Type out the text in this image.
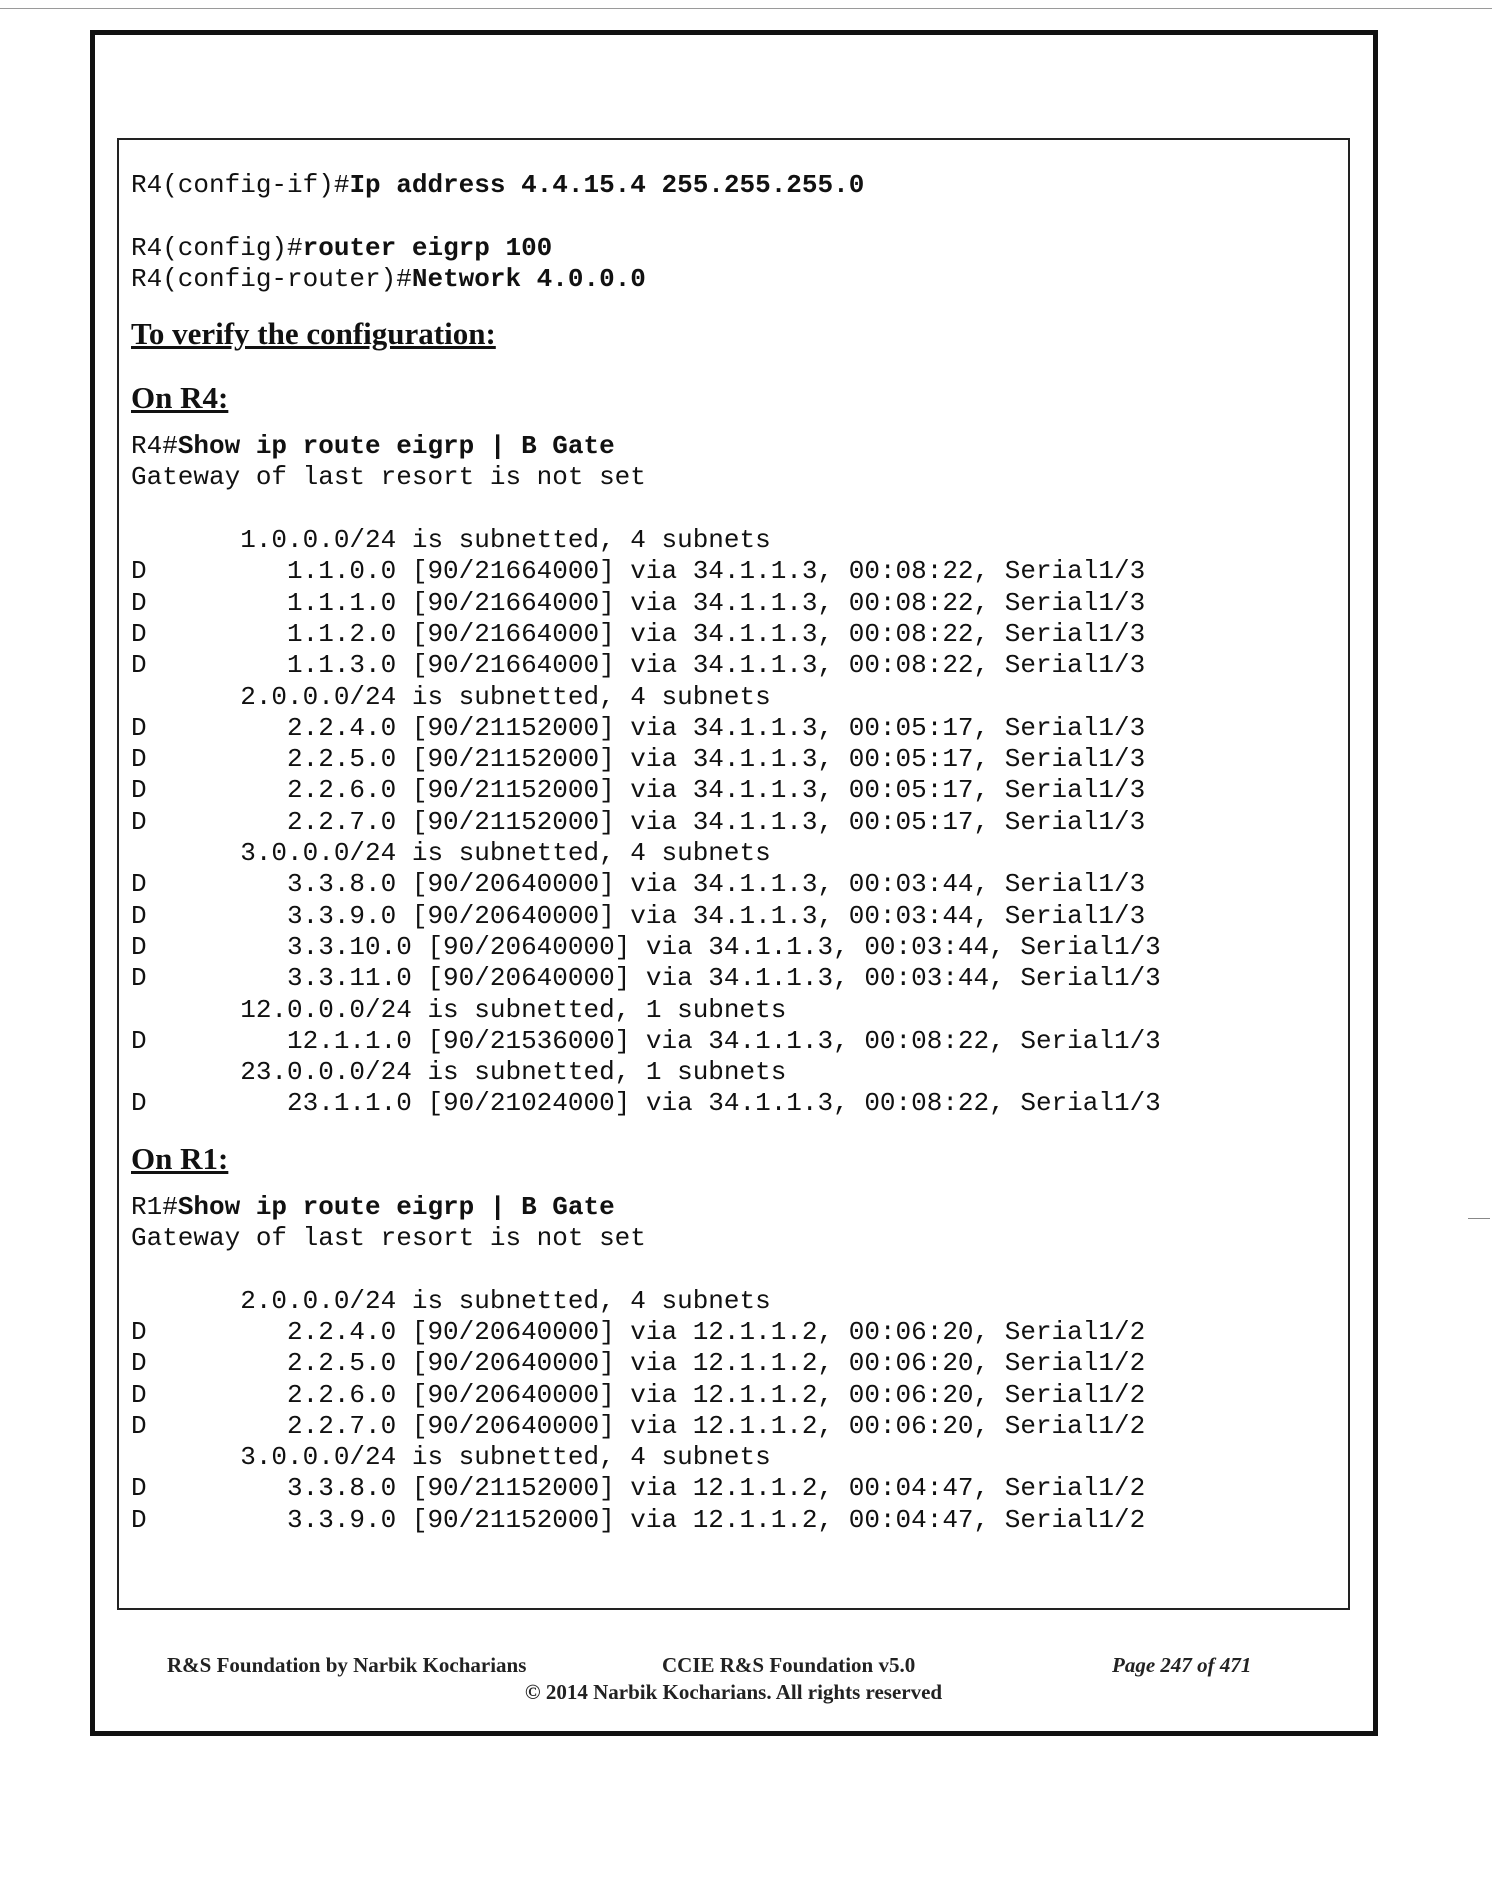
R4(config-if)#Ip address 4.4.15.4 255.255.255.0
R4(config)#router eigrp 100
R4(config-router)#Network 4.0.0.0

To verify the configuration:

On R4:

R4#Show ip route eigrp | B Gate
Gateway of last resort is not set
1.0.0.0/24 is subnetted, 4 subnets
D         1.1.0.0 [90/21664000] via 34.1.1.3, 00:08:22, Serial1/3
D         1.1.1.0 [90/21664000] via 34.1.1.3, 00:08:22, Serial1/3
D         1.1.2.0 [90/21664000] via 34.1.1.3, 00:08:22, Serial1/3
D         1.1.3.0 [90/21664000] via 34.1.1.3, 00:08:22, Serial1/3
2.0.0.0/24 is subnetted, 4 subnets
D         2.2.4.0 [90/21152000] via 34.1.1.3, 00:05:17, Serial1/3
D         2.2.5.0 [90/21152000] via 34.1.1.3, 00:05:17, Serial1/3
D         2.2.6.0 [90/21152000] via 34.1.1.3, 00:05:17, Serial1/3
D         2.2.7.0 [90/21152000] via 34.1.1.3, 00:05:17, Serial1/3
3.0.0.0/24 is subnetted, 4 subnets
D         3.3.8.0 [90/20640000] via 34.1.1.3, 00:03:44, Serial1/3
D         3.3.9.0 [90/20640000] via 34.1.1.3, 00:03:44, Serial1/3
D         3.3.10.0 [90/20640000] via 34.1.1.3, 00:03:44, Serial1/3
D         3.3.11.0 [90/20640000] via 34.1.1.3, 00:03:44, Serial1/3
12.0.0.0/24 is subnetted, 1 subnets
D         12.1.1.0 [90/21536000] via 34.1.1.3, 00:08:22, Serial1/3
23.0.0.0/24 is subnetted, 1 subnets
D         23.1.1.0 [90/21024000] via 34.1.1.3, 00:08:22, Serial1/3

On R1:

R1#Show ip route eigrp | B Gate
Gateway of last resort is not set
2.0.0.0/24 is subnetted, 4 subnets
D         2.2.4.0 [90/20640000] via 12.1.1.2, 00:06:20, Serial1/2
D         2.2.5.0 [90/20640000] via 12.1.1.2, 00:06:20, Serial1/2
D         2.2.6.0 [90/20640000] via 12.1.1.2, 00:06:20, Serial1/2
D         2.2.7.0 [90/20640000] via 12.1.1.2, 00:06:20, Serial1/2
3.0.0.0/24 is subnetted, 4 subnets
D         3.3.8.0 [90/21152000] via 12.1.1.2, 00:04:47, Serial1/2
D         3.3.9.0 [90/21152000] via 12.1.1.2, 00:04:47, Serial1/2
R&S Foundation by Narbik Kocharians	CCIE R&S Foundation v5.0	Page 247 of 471
© 2014 Narbik Kocharians. All rights reserved
